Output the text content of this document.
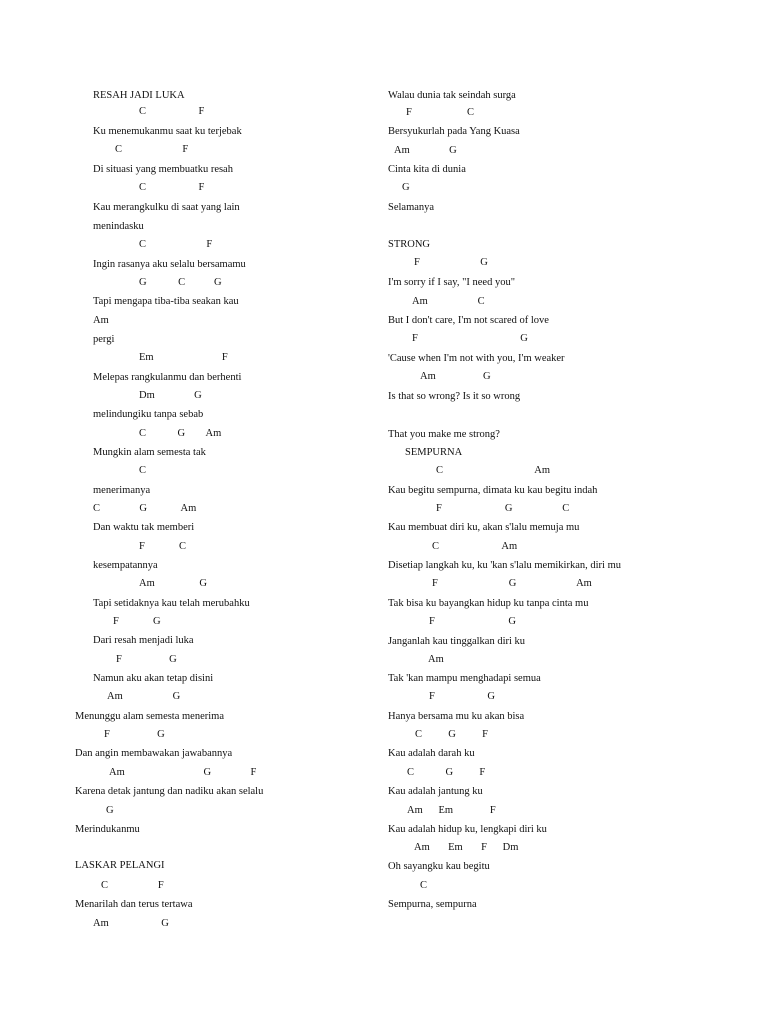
RESAH JADI LUKA
C                    F
Ku menemukanmu saat ku terjebak
C                       F
Di situasi yang membuatku resah
C                    F
Kau merangkulku di saat yang lain
menindasku
C                       F
Ingin rasanya aku selalu bersamamu
G            C           G
Tapi mengapa tiba-tiba seakan kau
Am
pergi
Em                          F
Melepas rangkulanmu dan berhenti
Dm               G
melindungiku tanpa sebab
C            G        Am
Mungkin alam semesta tak
C
menerimanya
C               G             Am
Dan waktu tak memberi
F             C
kesempatannya
Am                 G
Tapi setidaknya kau telah merubahku
F             G
Dari resah menjadi luka
F                  G
Namun aku akan tetap disini
Am                   G
Menunggu alam semesta menerima
F                  G
Dan angin membawakan jawabannya
Am                              G               F
Karena detak jantung dan nadiku akan selalu
G
Merindukanmu
LASKAR PELANGI
C                   F
Menarilah dan terus tertawa
Am                    G
Walau dunia tak seindah surga
F                     C
Bersyukurlah pada Yang Kuasa
Am               G
Cinta kita di dunia
G
Selamanya
STRONG
F                       G
I'm sorry if I say, "I need you"
Am                   C
But I don't care, I'm not scared of love
F                                       G
'Cause when I'm not with you, I'm weaker
Am                  G
Is that so wrong? Is it so wrong
That you make me strong?
SEMPURNA
C                                   Am
Kau begitu sempurna, dimata ku kau begitu indah
F                        G                   C
Kau membuat diri ku, akan s'lalu memuja mu
C                        Am
Disetiap langkah ku, ku 'kan s'lalu memikirkan, diri mu
F                           G                       Am
Tak bisa ku bayangkan hidup ku tanpa cinta mu
F                            G
Janganlah kau tinggalkan diri ku
Am
Tak 'kan mampu menghadapi semua
F                    G
Hanya bersama mu ku akan bisa
C          G          F
Kau adalah darah ku
C            G          F
Kau adalah jantung ku
Am      Em              F
Kau adalah hidup ku, lengkapi diri ku
Am       Em       F      Dm
Oh sayangku kau begitu
C
Sempurna, sempurna
